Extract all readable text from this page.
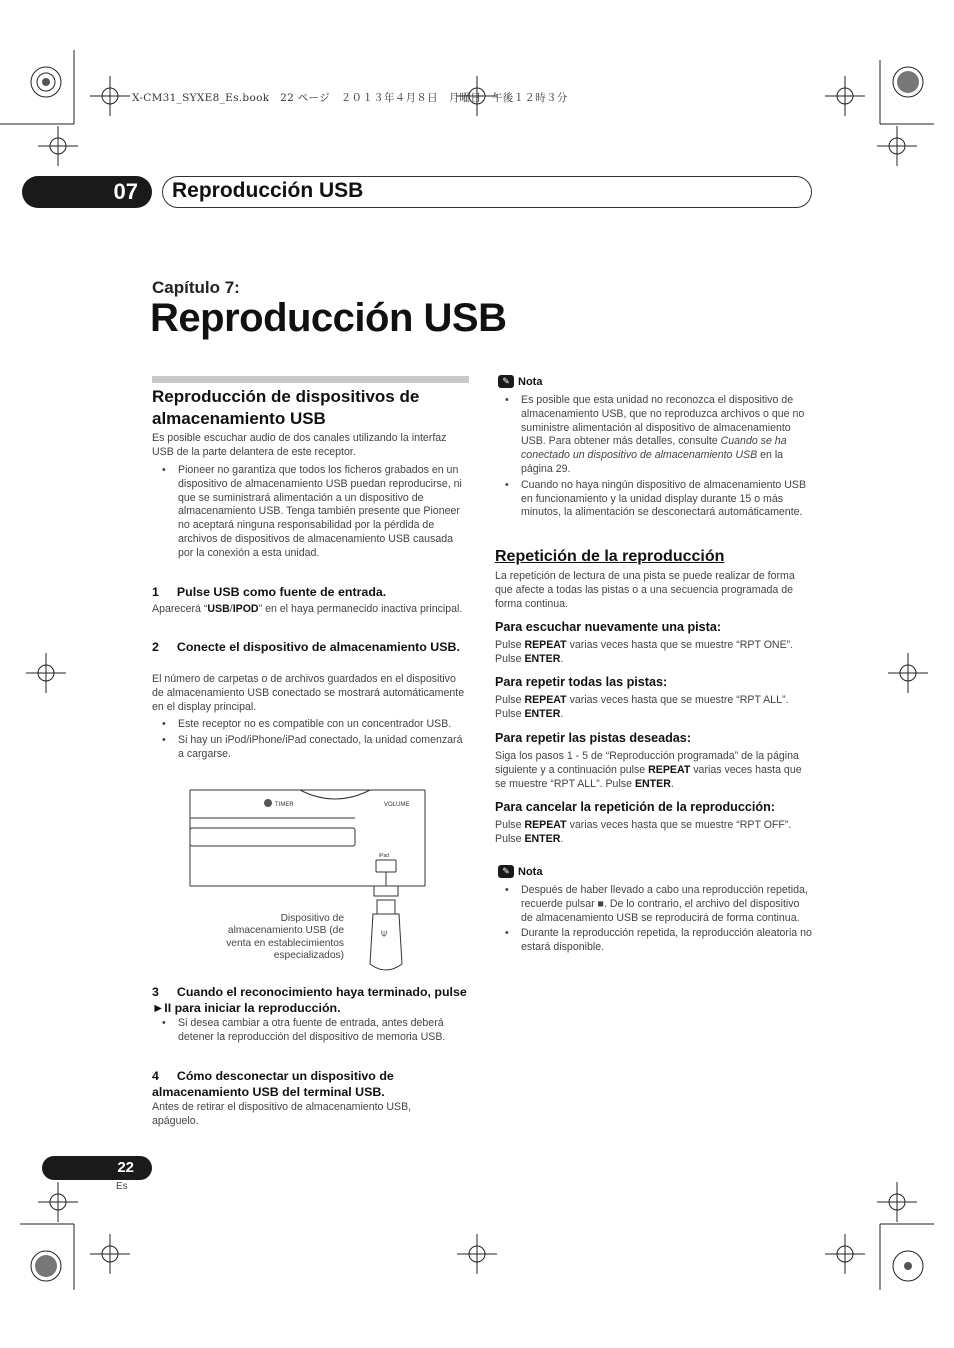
X-CM31_SYXE8_Es.book　22 ページ　２０１３年４月８日　月曜日　午後１２時３分
07	Reproducción USB
Capítulo 7:
Reproducción USB
Reproducción de dispositivos de
almacenamiento USB
Es posible escuchar audio de dos canales utilizando la interfaz USB de la parte delantera de este receptor.
• Pioneer no garantiza que todos los ficheros grabados en un dispositivo de almacenamiento USB puedan reproducirse, ni que se suministrará alimentación a un dispositivo de almacenamiento USB. Tenga también presente que Pioneer no aceptará ninguna responsabilidad por la pérdida de archivos de dispositivos de almacenamiento USB causada por la conexión a esta unidad.
1 Pulse USB como fuente de entrada.
Aparecerá “USB/IPOD” en el haya permanecido inactiva principal.
2 Conecte el dispositivo de almacenamiento USB.
El número de carpetas o de archivos guardados en el dispositivo de almacenamiento USB conectado se mostrará automáticamente en el display principal.
• Este receptor no es compatible con un concentrador USB.
• Si hay un iPod/iPhone/iPad conectado, la unidad comenzará a cargarse.
TIMER	VOLUME
iPad
⍦
Dispositivo de almacenamiento USB (de venta en establecimientos especializados)
3 Cuando el reconocimiento haya terminado, pulse ►II para iniciar la reproducción.
• Si desea cambiar a otra fuente de entrada, antes deberá detener la reproducción del dispositivo de memoria USB.
4 Cómo desconectar un dispositivo de almacenamiento USB del terminal USB.
Antes de retirar el dispositivo de almacenamiento USB, apáguelo.
✎ Nota
• Es posible que esta unidad no reconozca el dispositivo de almacenamiento USB, que no reproduzca archivos o que no suministre alimentación al dispositivo de almacenamiento USB. Para obtener más detalles, consulte Cuando se ha conectado un dispositivo de almacenamiento USB en la página 29.
• Cuando no haya ningún dispositivo de almacenamiento USB en funcionamiento y la unidad display durante 15 o más minutos, la alimentación se desconectará automáticamente.
Repetición de la reproducción
La repetición de lectura de una pista se puede realizar de forma que afecte a todas las pistas o a una secuencia programada de forma continua.
Para escuchar nuevamente una pista:
Pulse REPEAT varias veces hasta que se muestre “RPT ONE”. Pulse ENTER.
Para repetir todas las pistas:
Pulse REPEAT varias veces hasta que se muestre “RPT ALL”. Pulse ENTER.
Para repetir las pistas deseadas:
Siga los pasos 1 - 5 de “Reproducción programada” de la página siguiente y a continuación pulse REPEAT varias veces hasta que se muestre “RPT ALL”. Pulse ENTER.
Para cancelar la repetición de la reproducción:
Pulse REPEAT varias veces hasta que se muestre “RPT OFF”. Pulse ENTER.
✎ Nota
• Después de haber llevado a cabo una reproducción repetida, recuerde pulsar ■. De lo contrario, el archivo del dispositivo de almacenamiento USB se reproducirá de forma continua.
• Durante la reproducción repetida, la reproducción aleatoria no estará disponible.
22
Es
